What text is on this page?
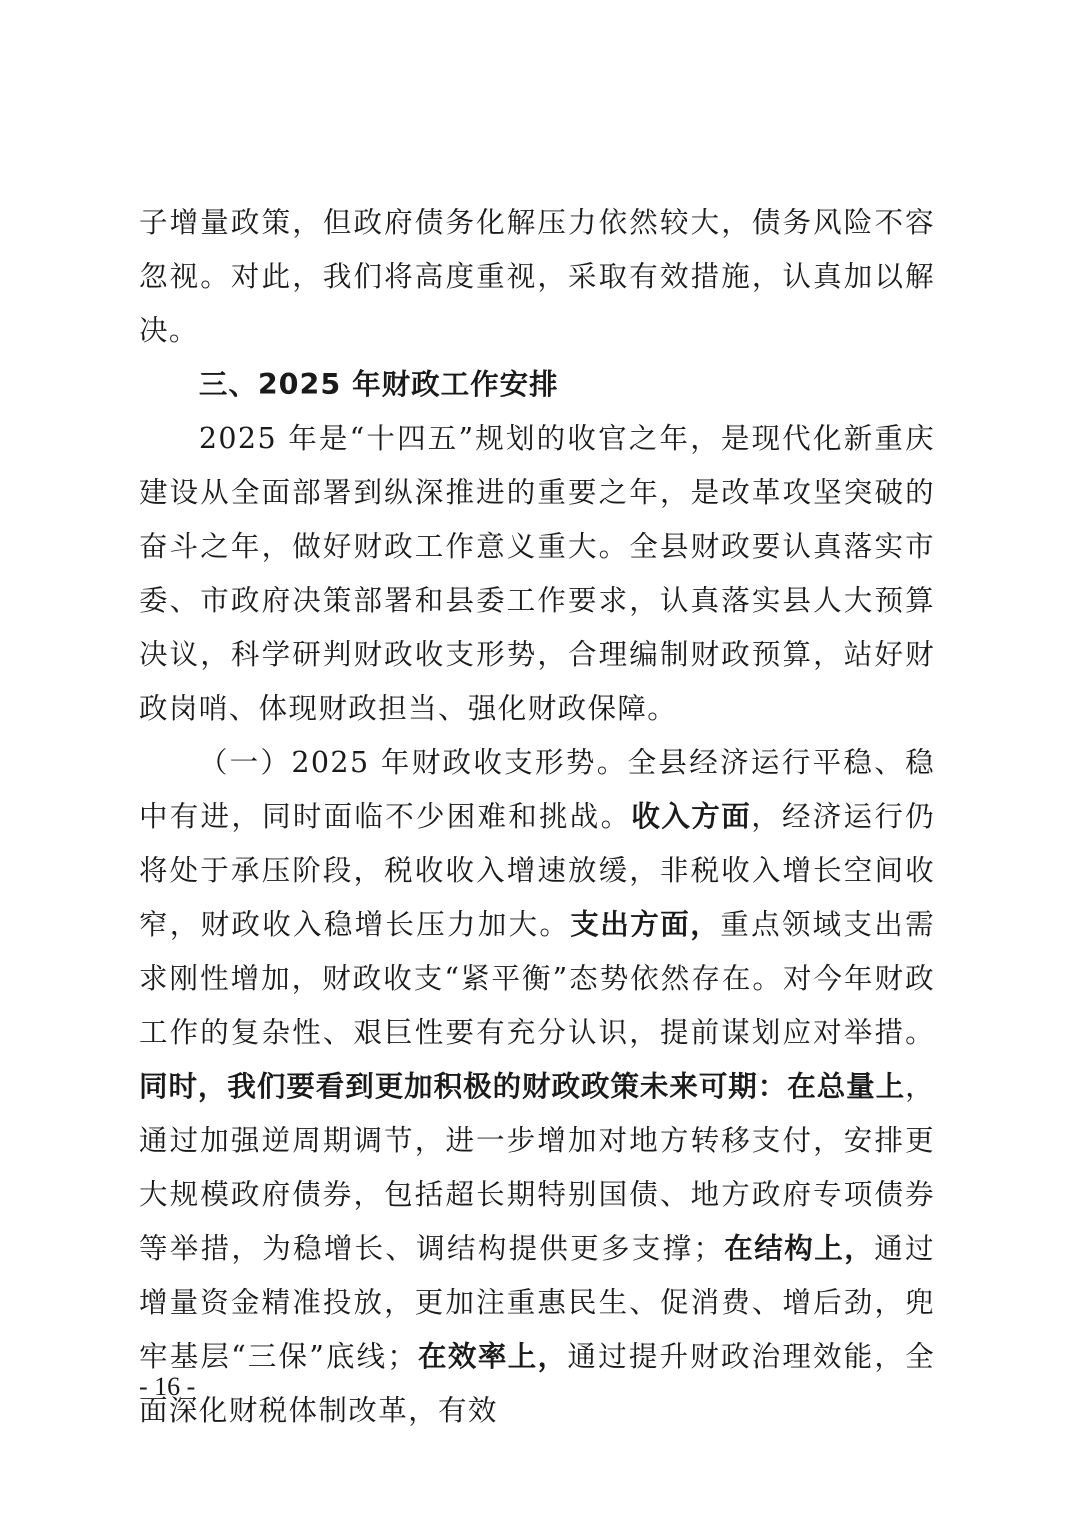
子增量政策，但政府债务化解压力依然较大，债务风险不容忽视。对此，我们将高度重视，采取有效措施，认真加以解决。

三、2025 年财政工作安排

2025 年是“十四五”规划的收官之年，是现代化新重庆建设从全面部署到纵深推进的重要之年，是改革攻坚突破的奋斗之年，做好财政工作意义重大。全县财政要认真落实市委、市政府决策部署和县委工作要求，认真落实县人大预算决议，科学研判财政收支形势，合理编制财政预算，站好财政岗哨、体现财政担当、强化财政保障。

（一）2025 年财政收支形势。全县经济运行平稳、稳中有进，同时面临不少困难和挑战。收入方面，经济运行仍将处于承压阶段，税收收入增速放缓，非税收入增长空间收窄，财政收入稳增长压力加大。支出方面，重点领域支出需求刚性增加，财政收支“紧平衡”态势依然存在。对今年财政工作的复杂性、艰巨性要有充分认识，提前谋划应对举措。同时，我们要看到更加积极的财政政策未来可期：在总量上，通过加强逆周期调节，进一步增加对地方转移支付，安排更大规模政府债券，包括超长期特别国债、地方政府专项债券等举措，为稳增长、调结构提供更多支撑；在结构上，通过增量资金精准投放，更加注重惠民生、促消费、增后劲，兜牢基层“三保”底线；在效率上，通过提升财政治理效能，全面深化财税体制改革，有效

- 16 -
